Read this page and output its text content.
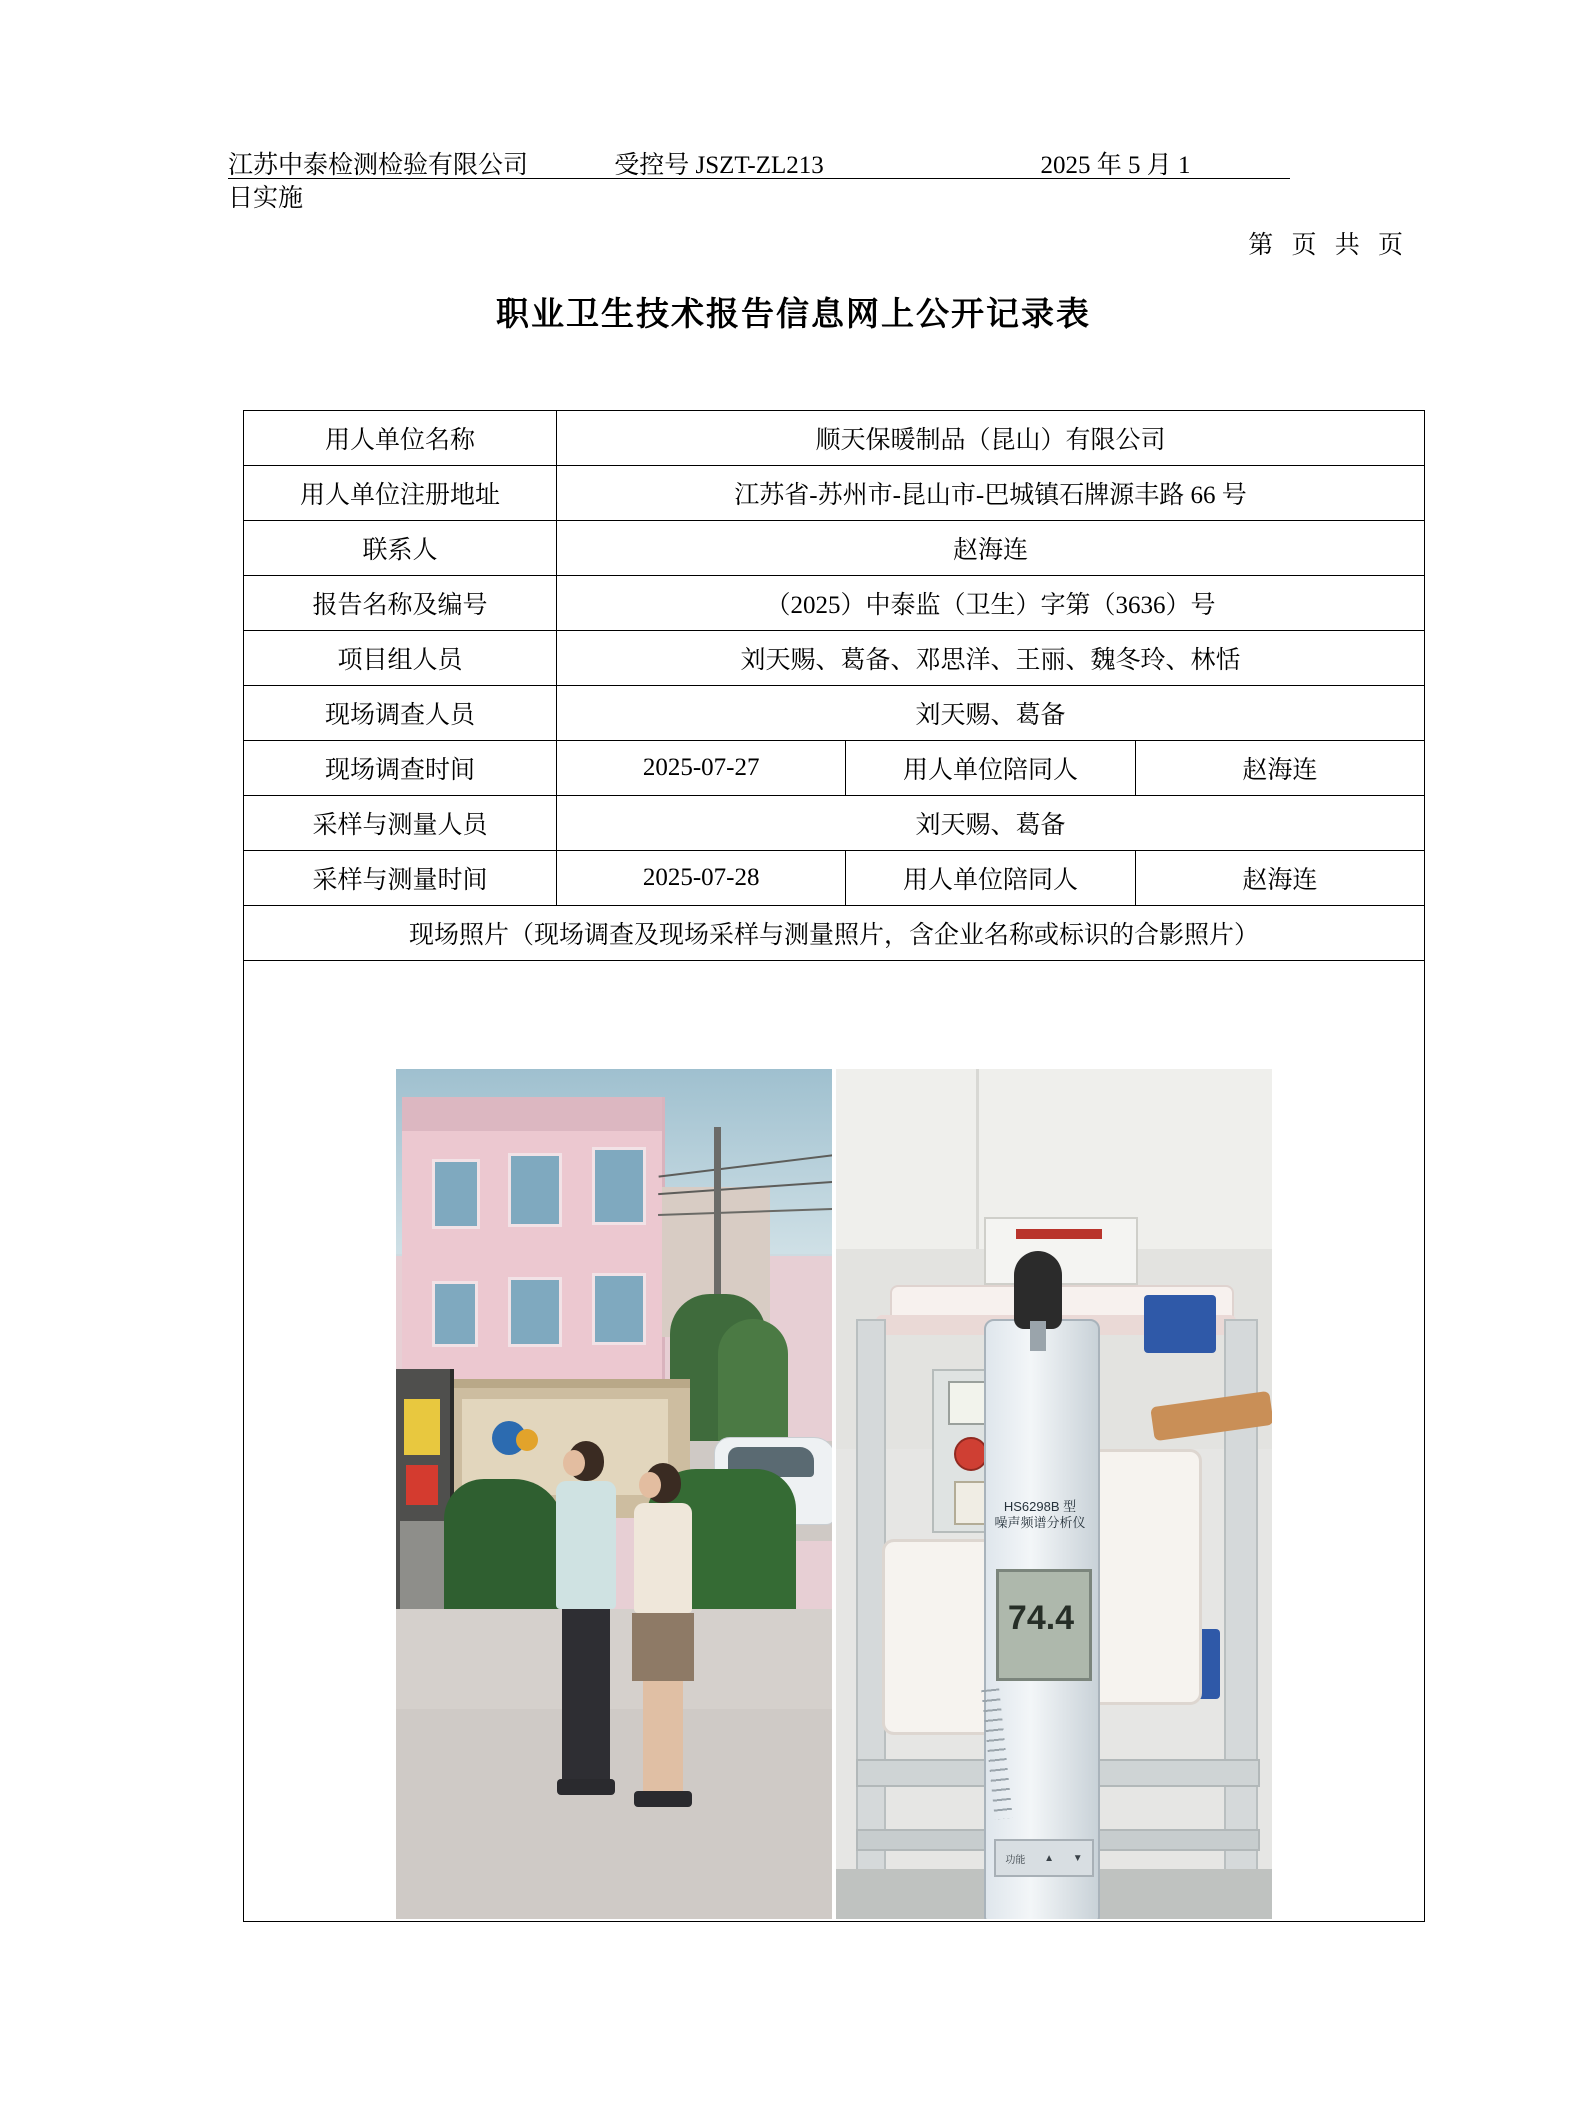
江苏中泰检测检验有限公司	受控号 JSZT-ZL213	2025 年 5 月 1
日实施
第 页 共 页
职业卫生技术报告信息网上公开记录表
用人单位名称	顺天保暖制品（昆山）有限公司		
用人单位注册地址	江苏省-苏州市-昆山市-巴城镇石牌源丰路 66 号		
联系人	赵海连		
报告名称及编号	（2025）中泰监（卫生）字第（3636）号		
项目组人员	刘天赐、葛备、邓思洋、王丽、魏冬玲、林恬		
现场调查人员	刘天赐、葛备		
现场调查时间	2025-07-27	用人单位陪同人	赵海连
采样与测量人员	刘天赐、葛备		
采样与测量时间	2025-07-28	用人单位陪同人	赵海连
现场照片（现场调查及现场采样与测量照片，含企业名称或标识的合影照片）			

HS6298B 型
噪声频谱分析仪
74.4
功能 ▲ ▼
